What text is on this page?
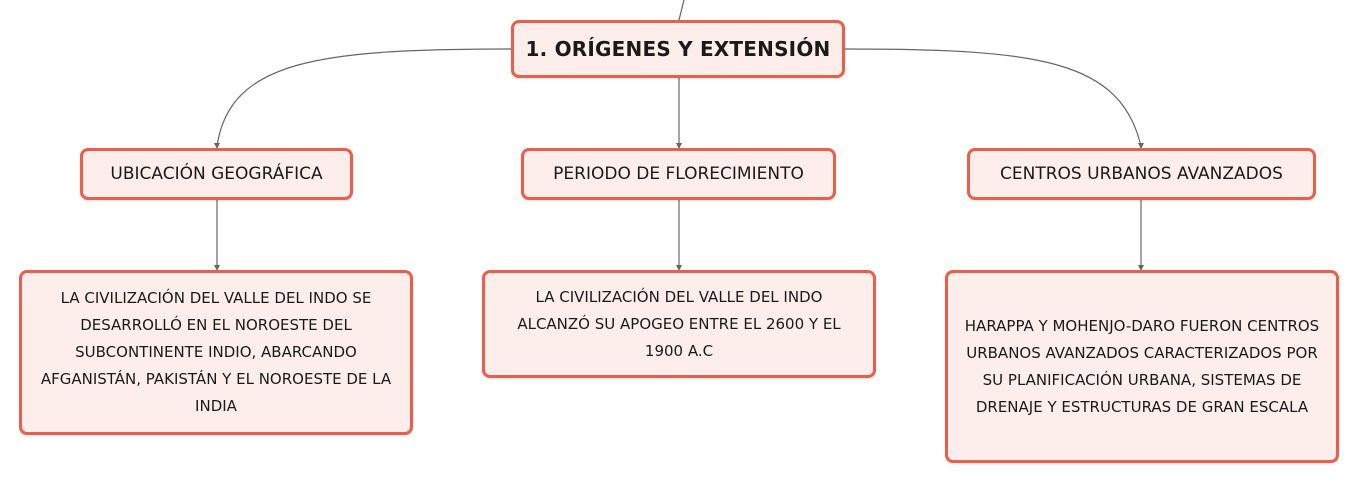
1. ORÍGENES Y EXTENSIÓN
UBICACIÓN GEOGRÁFICA	PERIODO DE FLORECIMIENTO	CENTROS URBANOS AVANZADOS
LA CIVILIZACIÓN DEL VALLE DEL INDO SE DESARROLLÓ EN EL NOROESTE DEL SUBCONTINENTE INDIO, ABARCANDO AFGANISTÁN, PAKISTÁN Y EL NOROESTE DE LA INDIA
LA CIVILIZACIÓN DEL VALLE DEL INDO ALCANZÓ SU APOGEO ENTRE EL 2600 Y EL 1900 A.C
HARAPPA Y MOHENJO-DARO FUERON CENTROS URBANOS AVANZADOS CARACTERIZADOS POR SU PLANIFICACIÓN URBANA, SISTEMAS DE DRENAJE Y ESTRUCTURAS DE GRAN ESCALA
